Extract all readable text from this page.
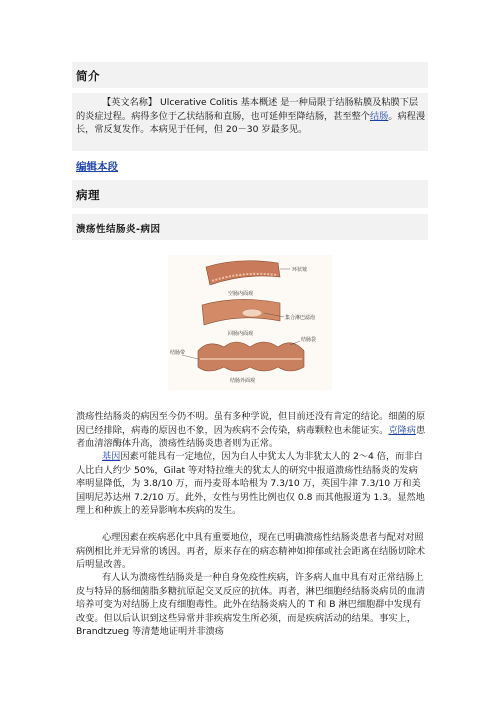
简介

【英文名称】 Ulcerative Colitis 基本概述 是一种局限于结肠粘膜及粘膜下层的炎症过程。病得多位于乙状结肠和直肠，也可延伸至降结肠，甚至整个结肠。病程漫长，常反复发作。本病见于任何，但 20－30 岁最多见。

编辑本段
病理
溃疡性结肠炎-病因
环状皱
空肠内面观
集合淋巴滤泡
回肠内面观
结肠带
结肠袋
结肠外面观

溃疡性结肠炎的病因至今仍不明。虽有多种学说，但目前还没有肯定的结论。细菌的原因已经排除，病毒的原因也不象，因为疾病不会传染，病毒颗粒也未能证实。克隆病患者血清溶酶体升高，溃疡性结肠炎患者则为正常。

基因因素可能具有一定地位，因为白人中犹太人为非犹太人的 2～4 倍，而非白人比白人约少 50%，Gilat 等对特拉维夫的犹太人的研究中报道溃疡性结肠炎的发病率明显降低，为 3.8/10 万，而丹麦哥本哈根为 7.3/10 万，英国牛津 7.3/10 万和美国明尼苏达州 7.2/10 万。此外，女性与男性比例也仅 0.8 而其他报道为 1.3。显然地理上和种族上的差异影响本疾病的发生。

心理因素在疾病恶化中具有重要地位，现在已明确溃疡性结肠炎患者与配对对照病例相比并无异常的诱因。再者，原来存在的病态精神如抑郁或社会距离在结肠切除术后明显改善。

有人认为溃疡性结肠炎是一种自身免疫性疾病，许多病人血中具有对正常结肠上皮与特异的肠细菌脂多糖抗原起交叉反应的抗体。再者，淋巴细胞经结肠炎病员的血清培养可变为对结肠上皮有细胞毒性。此外在结肠炎病人的 T 和 B 淋巴细胞群中发现有改变。但以后认识到这些异常并非疾病发生所必须，而是疾病活动的结果。事实上， Brandtzueg 等清楚地证明并非溃疡
